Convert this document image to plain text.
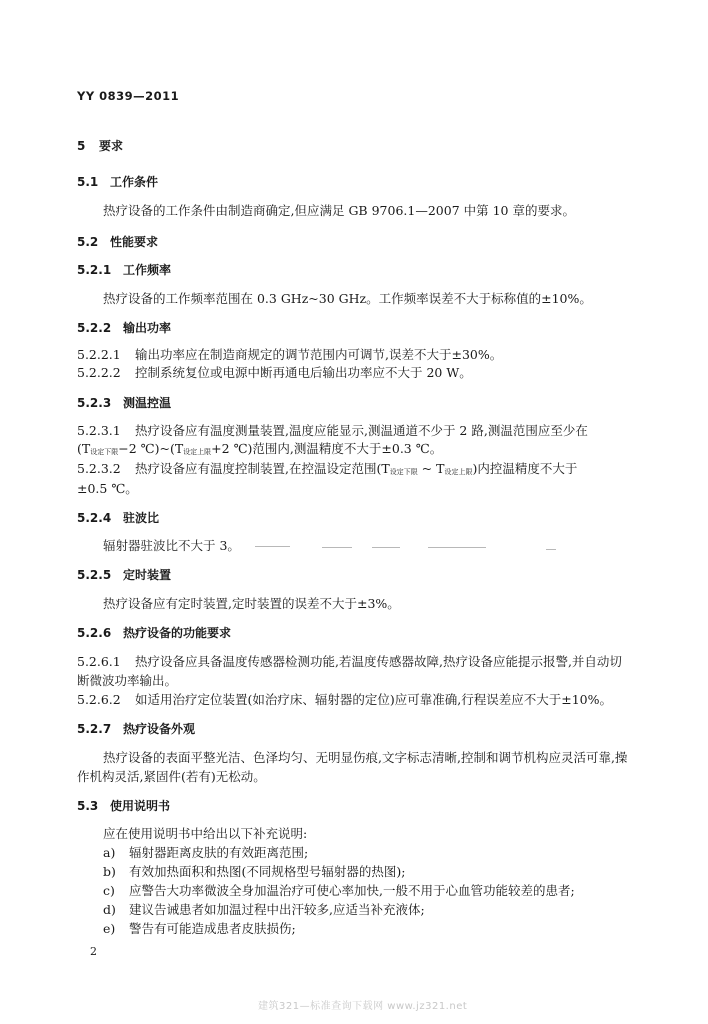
YY 0839—2011
5 要求
5.1 工作条件
热疗设备的工作条件由制造商确定,但应满足 GB 9706.1—2007 中第 10 章的要求。
5.2 性能要求
5.2.1 工作频率
热疗设备的工作频率范围在 0.3 GHz~30 GHz。工作频率误差不大于标称值的±10%。
5.2.2 输出功率
5.2.2.1 输出功率应在制造商规定的调节范围内可调节,误差不大于±30%。
5.2.2.2 控制系统复位或电源中断再通电后输出功率应不大于 20 W。
5.2.3 测温控温
5.2.3.1 热疗设备应有温度测量装置,温度应能显示,测温通道不少于 2 路,测温范围应至少在
(T设定下限−2 ℃)~(T设定上限+2 ℃)范围内,测温精度不大于±0.3 ℃。
5.2.3.2 热疗设备应有温度控制装置,在控温设定范围(T设定下限 ~ T设定上限)内控温精度不大于
±0.5 ℃。
5.2.4 驻波比
辐射器驻波比不大于 3。
5.2.5 定时装置
热疗设备应有定时装置,定时装置的误差不大于±3%。
5.2.6 热疗设备的功能要求
5.2.6.1 热疗设备应具备温度传感器检测功能,若温度传感器故障,热疗设备应能提示报警,并自动切
断微波功率输出。
5.2.6.2 如适用治疗定位装置(如治疗床、辐射器的定位)应可靠准确,行程误差应不大于±10%。
5.2.7 热疗设备外观
热疗设备的表面平整光洁、色泽均匀、无明显伤痕,文字标志清晰,控制和调节机构应灵活可靠,操
作机构灵活,紧固件(若有)无松动。
5.3 使用说明书
应在使用说明书中给出以下补充说明:
a) 辐射器距离皮肤的有效距离范围;
b) 有效加热面积和热图(不同规格型号辐射器的热图);
c) 应警告大功率微波全身加温治疗可使心率加快,一般不用于心血管功能较差的患者;
d) 建议告诫患者如加温过程中出汗较多,应适当补充液体;
e) 警告有可能造成患者皮肤损伤;
2
建筑321—标准查询下载网 www.jz321.net
